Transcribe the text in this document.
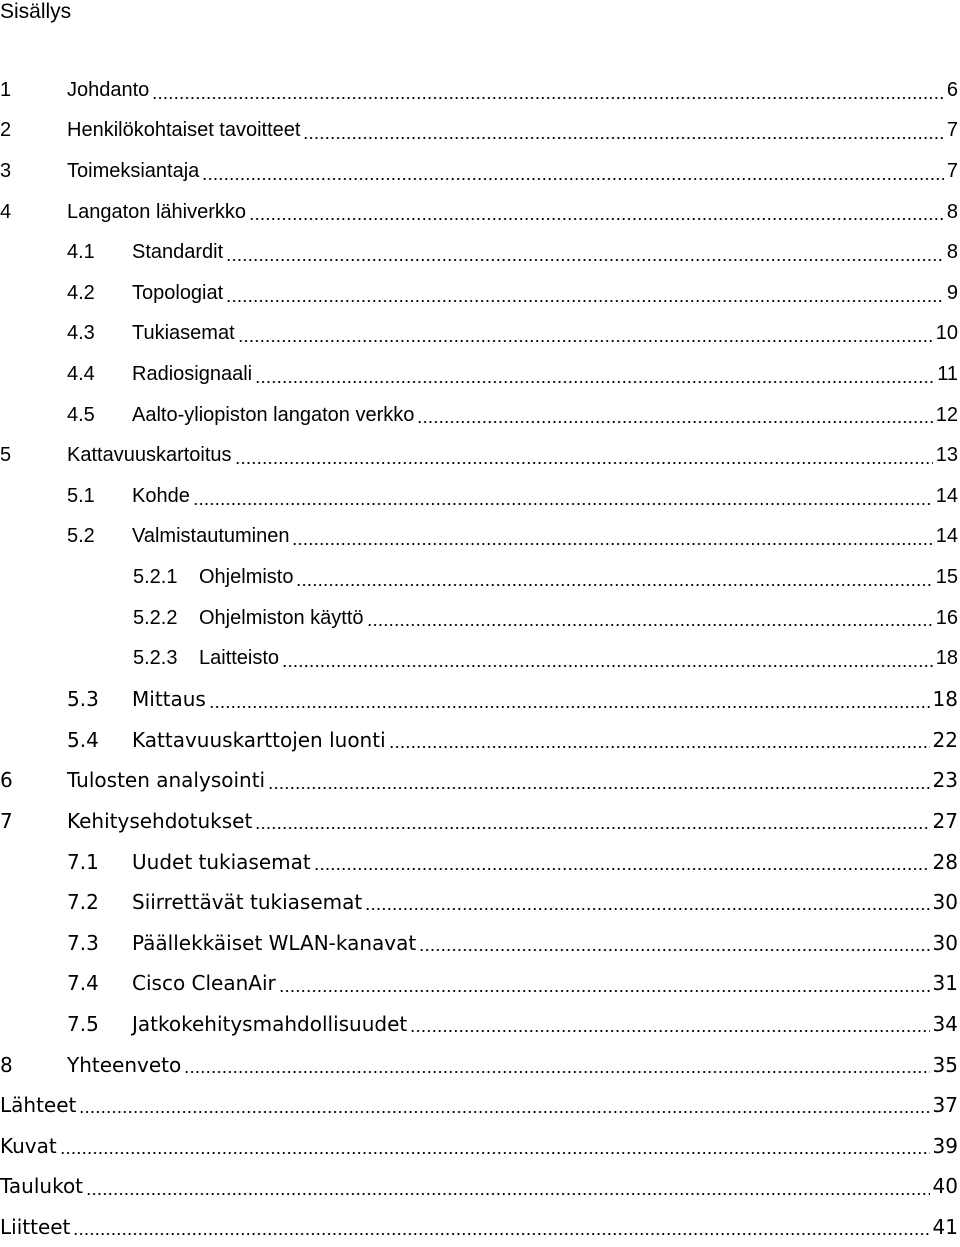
Sisällys
1	Johdanto	6
2	Henkilökohtaiset tavoitteet	7
3	Toimeksiantaja	7
4	Langaton lähiverkko	8
4.1	Standardit	8
4.2	Topologiat	9
4.3	Tukiasemat	10
4.4	Radiosignaali	11
4.5	Aalto-yliopiston langaton verkko	12
5	Kattavuuskartoitus	13
5.1	Kohde	14
5.2	Valmistautuminen	14
5.2.1	Ohjelmisto	15
5.2.2	Ohjelmiston käyttö	16
5.2.3	Laitteisto	18
5.3	Mittaus	18
5.4	Kattavuuskarttojen luonti	22
6	Tulosten analysointi	23
7	Kehitysehdotukset	27
7.1	Uudet tukiasemat	28
7.2	Siirrettävät tukiasemat	30
7.3	Päällekkäiset WLAN-kanavat	30
7.4	Cisco CleanAir	31
7.5	Jatkokehitysmahdollisuudet	34
8	Yhteenveto	35
Lähteet	37
Kuvat	39
Taulukot	40
Liitteet	41
